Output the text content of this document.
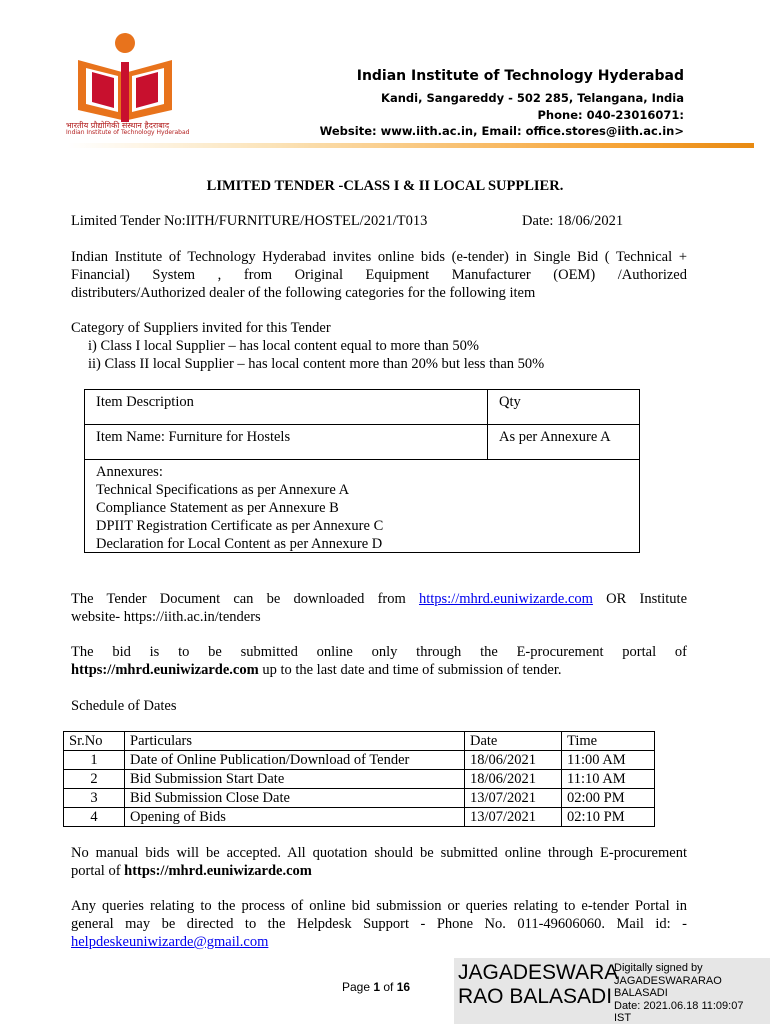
भारतीय प्रौद्योगिकी संस्थान हैदराबाद
Indian Institute of Technology Hyderabad
Indian Institute of Technology Hyderabad
Kandi, Sangareddy - 502 285, Telangana, India
Phone: 040-23016071:
Website: www.iith.ac.in, Email: office.stores@iith.ac.in>
LIMITED TENDER -CLASS I & II LOCAL SUPPLIER.
Limited Tender No:IITH/FURNITURE/HOSTEL/2021/T013	Date: 18/06/2021
Indian Institute of Technology Hyderabad invites online bids (e-tender) in Single Bid ( Technical +
Financial) System , from Original Equipment Manufacturer (OEM) /Authorized
distributers/Authorized dealer of the following categories for the following item
Category of Suppliers invited for this Tender
i) Class I local Supplier – has local content equal to more than 50%
ii) Class II local Supplier – has local content more than 20% but less than 50%
Item Description	Qty
Item Name: Furniture for Hostels	As per Annexure A
Annexures:
Technical Specifications as per Annexure A
Compliance Statement as per Annexure B
DPIIT Registration Certificate as per Annexure C
Declaration for Local Content as per Annexure D
The Tender Document can be downloaded from https://mhrd.euniwizarde.com OR Institute
website- https://iith.ac.in/tenders
The bid is to be submitted online only through the E-procurement portal of
https://mhrd.euniwizarde.com up to the last date and time of submission of tender.
Schedule of Dates
Sr.No	Particulars	Date	Time
1	Date of Online Publication/Download of Tender	18/06/2021	11:00 AM
2	Bid Submission Start Date	18/06/2021	11:10 AM
3	Bid Submission Close Date	13/07/2021	02:00 PM
4	Opening of Bids	13/07/2021	02:10 PM
No manual bids will be accepted. All quotation should be submitted online through E-procurement
portal of https://mhrd.euniwizarde.com
Any queries relating to the process of online bid submission or queries relating to e-tender Portal in
general may be directed to the Helpdesk Support - Phone No. 011-49606060. Mail id: -
helpdeskeuniwizarde@gmail.com
Page 1 of 16
JAGADESWARA
RAO BALASADI
Digitally signed by
JAGADESWARARAO
BALASADI
Date: 2021.06.18 11:09:07
IST
